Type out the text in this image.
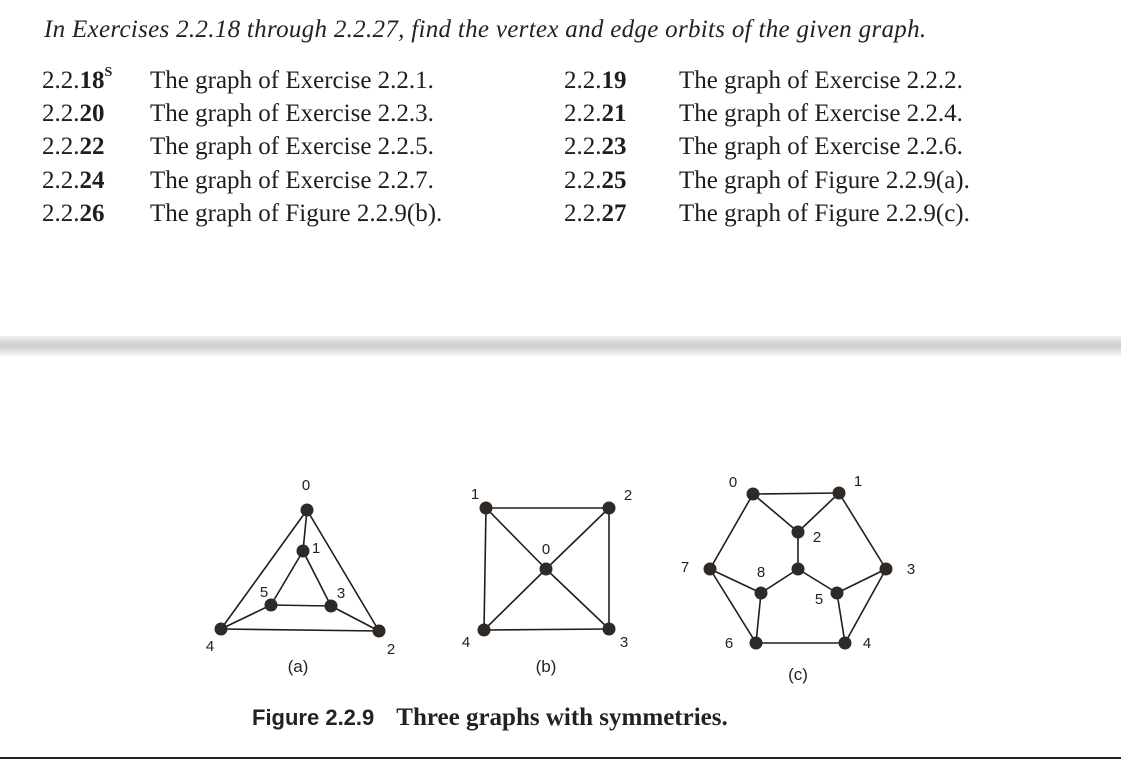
In Exercises 2.2.18 through 2.2.27, find the vertex and edge orbits of the given graph.
$2.2.18^S$ The graph of Exercise 2.2.1.	2.2.19 The graph of Exercise 2.2.2.
2.2.20 The graph of Exercise 2.2.3.	2.2.21 The graph of Exercise 2.2.4.
2.2.22 The graph of Exercise 2.2.5.	2.2.23 The graph of Exercise 2.2.6.
2.2.24 The graph of Exercise 2.2.7.	2.2.25 The graph of Figure 2.2.9(a).
2.2.26 The graph of Figure 2.2.9(b).	2.2.27 The graph of Figure 2.2.9(c).
0
1
2
3
4
5
(a)
0
1	2
3
4
(b)
0	1
2
3
4
5
6
7	8
(c)
Figure 2.2.9 Three graphs with symmetries.
